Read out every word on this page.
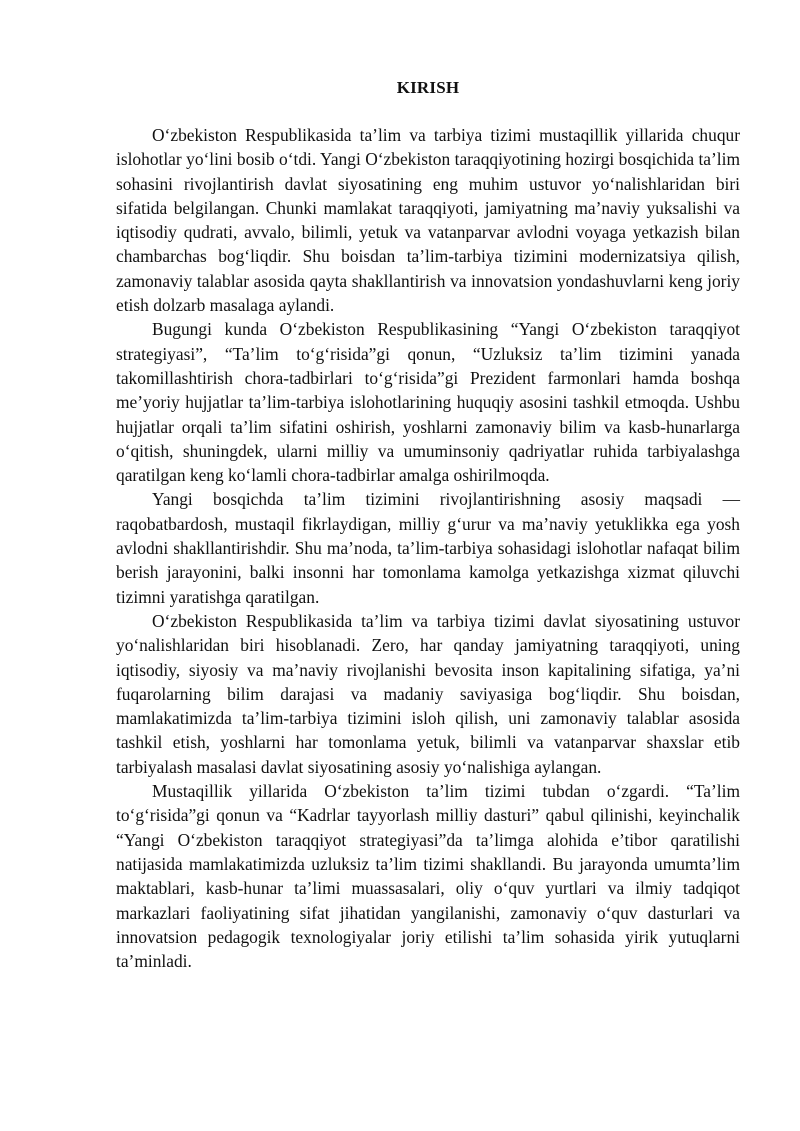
KIRISH

O‘zbekiston Respublikasida ta’lim va tarbiya tizimi mustaqillik yillarida chuqur islohotlar yo‘lini bosib o‘tdi. Yangi O‘zbekiston taraqqiyotining hozirgi bosqichida ta’lim sohasini rivojlantirish davlat siyosatining eng muhim ustuvor yo‘nalishlaridan biri sifatida belgilangan. Chunki mamlakat taraqqiyoti, jamiyatning ma’naviy yuksalishi va iqtisodiy qudrati, avvalo, bilimli, yetuk va vatanparvar avlodni voyaga yetkazish bilan chambarchas bog‘liqdir. Shu boisdan ta’lim-tarbiya tizimini modernizatsiya qilish, zamonaviy talablar asosida qayta shakllantirish va innovatsion yondashuvlarni keng joriy etish dolzarb masalaga aylandi.

Bugungi kunda O‘zbekiston Respublikasining “Yangi O‘zbekiston taraqqiyot strategiyasi”, “Ta’lim to‘g‘risida”gi qonun, “Uzluksiz ta’lim tizimini yanada takomillashtirish chora-tadbirlari to‘g‘risida”gi Prezident farmonlari hamda boshqa me’yoriy hujjatlar ta’lim-tarbiya islohotlarining huquqiy asosini tashkil etmoqda. Ushbu hujjatlar orqali ta’lim sifatini oshirish, yoshlarni zamonaviy bilim va kasb-hunarlarga o‘qitish, shuningdek, ularni milliy va umuminsoniy qadriyatlar ruhida tarbiyalashga qaratilgan keng ko‘lamli chora-tadbirlar amalga oshirilmoqda.

Yangi bosqichda ta’lim tizimini rivojlantirishning asosiy maqsadi — raqobatbardosh, mustaqil fikrlaydigan, milliy g‘urur va ma’naviy yetuklikka ega yosh avlodni shakllantirishdir. Shu ma’noda, ta’lim-tarbiya sohasidagi islohotlar nafaqat bilim berish jarayonini, balki insonni har tomonlama kamolga yetkazishga xizmat qiluvchi tizimni yaratishga qaratilgan.

O‘zbekiston Respublikasida ta’lim va tarbiya tizimi davlat siyosatining ustuvor yo‘nalishlaridan biri hisoblanadi. Zero, har qanday jamiyatning taraqqiyoti, uning iqtisodiy, siyosiy va ma’naviy rivojlanishi bevosita inson kapitalining sifatiga, ya’ni fuqarolarning bilim darajasi va madaniy saviyasiga bog‘liqdir. Shu boisdan, mamlakatimizda ta’lim-tarbiya tizimini isloh qilish, uni zamonaviy talablar asosida tashkil etish, yoshlarni har tomonlama yetuk, bilimli va vatanparvar shaxslar etib tarbiyalash masalasi davlat siyosatining asosiy yo‘nalishiga aylangan.

Mustaqillik yillarida O‘zbekiston ta’lim tizimi tubdan o‘zgardi. “Ta’lim to‘g‘risida”gi qonun va “Kadrlar tayyorlash milliy dasturi” qabul qilinishi, keyinchalik “Yangi O‘zbekiston taraqqiyot strategiyasi”da ta’limga alohida e’tibor qaratilishi natijasida mamlakatimizda uzluksiz ta’lim tizimi shakllandi. Bu jarayonda umumta’lim maktablari, kasb-hunar ta’limi muassasalari, oliy o‘quv yurtlari va ilmiy tadqiqot markazlari faoliyatining sifat jihatidan yangilanishi, zamonaviy o‘quv dasturlari va innovatsion pedagogik texnologiyalar joriy etilishi ta’lim sohasida yirik yutuqlarni ta’minladi.
